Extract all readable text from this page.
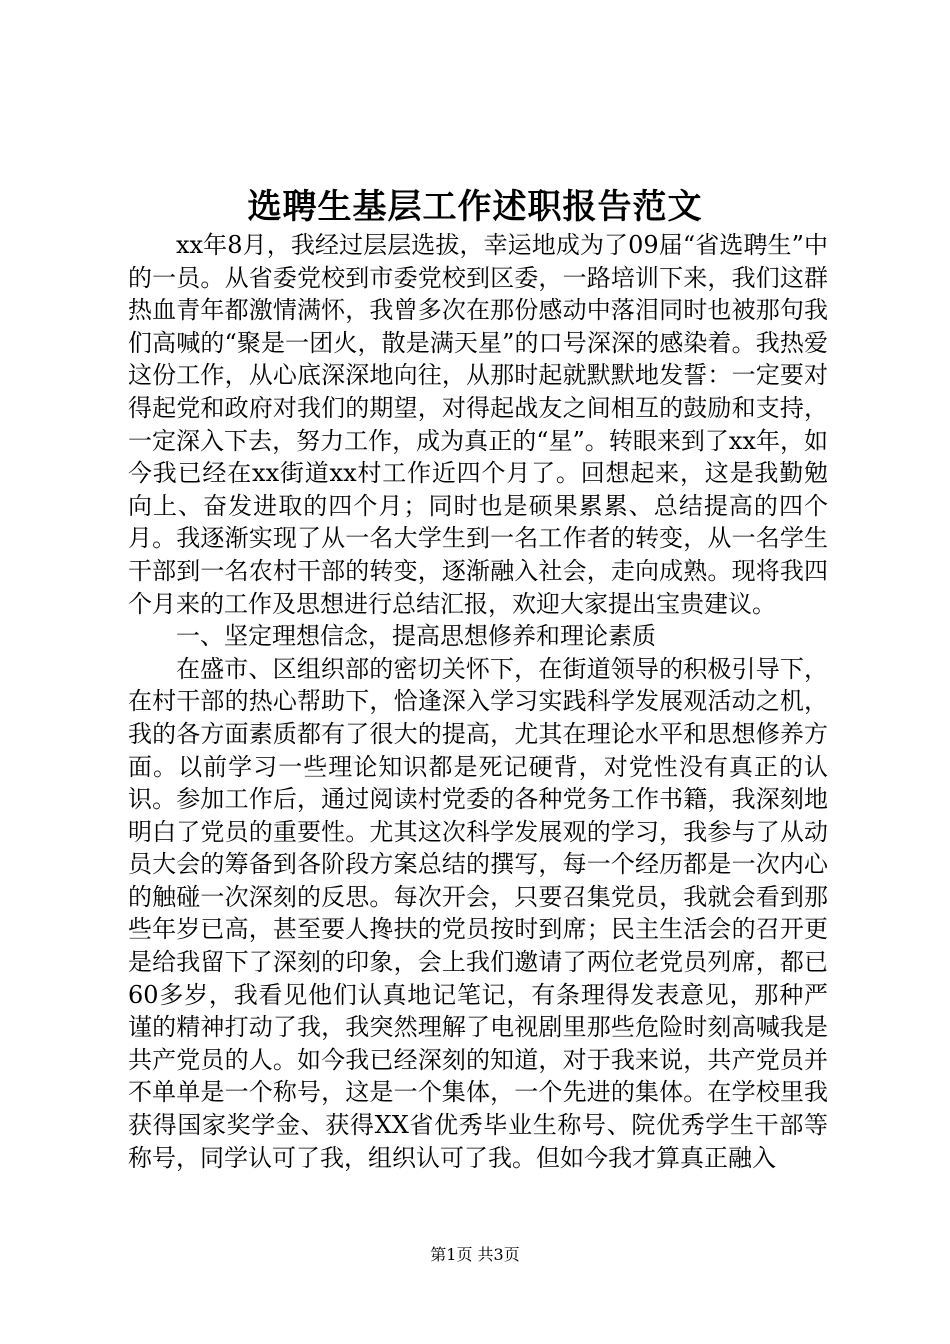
选聘生基层工作述职报告范文

xx年8月，我经过层层选拔，幸运地成为了09届“省选聘生”中的一员。从省委党校到市委党校到区委，一路培训下来，我们这群热血青年都激情满怀，我曾多次在那份感动中落泪同时也被那句我们高喊的“聚是一团火，散是满天星”的口号深深的感染着。我热爱这份工作，从心底深深地向往，从那时起就默默地发誓：一定要对得起党和政府对我们的期望，对得起战友之间相互的鼓励和支持，一定深入下去，努力工作，成为真正的“星”。转眼来到了xx年，如今我已经在xx街道xx村工作近四个月了。回想起来，这是我勤勉向上、奋发进取的四个月；同时也是硕果累累、总结提高的四个月。我逐渐实现了从一名大学生到一名工作者的转变，从一名学生干部到一名农村干部的转变，逐渐融入社会，走向成熟。现将我四个月来的工作及思想进行总结汇报，欢迎大家提出宝贵建议。

一、坚定理想信念，提高思想修养和理论素质

在盛市、区组织部的密切关怀下，在街道领导的积极引导下，在村干部的热心帮助下，恰逢深入学习实践科学发展观活动之机，我的各方面素质都有了很大的提高，尤其在理论水平和思想修养方面。以前学习一些理论知识都是死记硬背，对党性没有真正的认识。参加工作后，通过阅读村党委的各种党务工作书籍，我深刻地明白了党员的重要性。尤其这次科学发展观的学习，我参与了从动员大会的筹备到各阶段方案总结的撰写，每一个经历都是一次内心的触碰一次深刻的反思。每次开会，只要召集党员，我就会看到那些年岁已高，甚至要人搀扶的党员按时到席；民主生活会的召开更是给我留下了深刻的印象，会上我们邀请了两位老党员列席，都已60多岁，我看见他们认真地记笔记，有条理得发表意见，那种严谨的精神打动了我，我突然理解了电视剧里那些危险时刻高喊我是共产党员的人。如今我已经深刻的知道，对于我来说，共产党员并不单单是一个称号，这是一个集体，一个先进的集体。在学校里我获得国家奖学金、获得XX省优秀毕业生称号、院优秀学生干部等称号，同学认可了我，组织认可了我。但如今我才算真正融入

第1页 共3页
